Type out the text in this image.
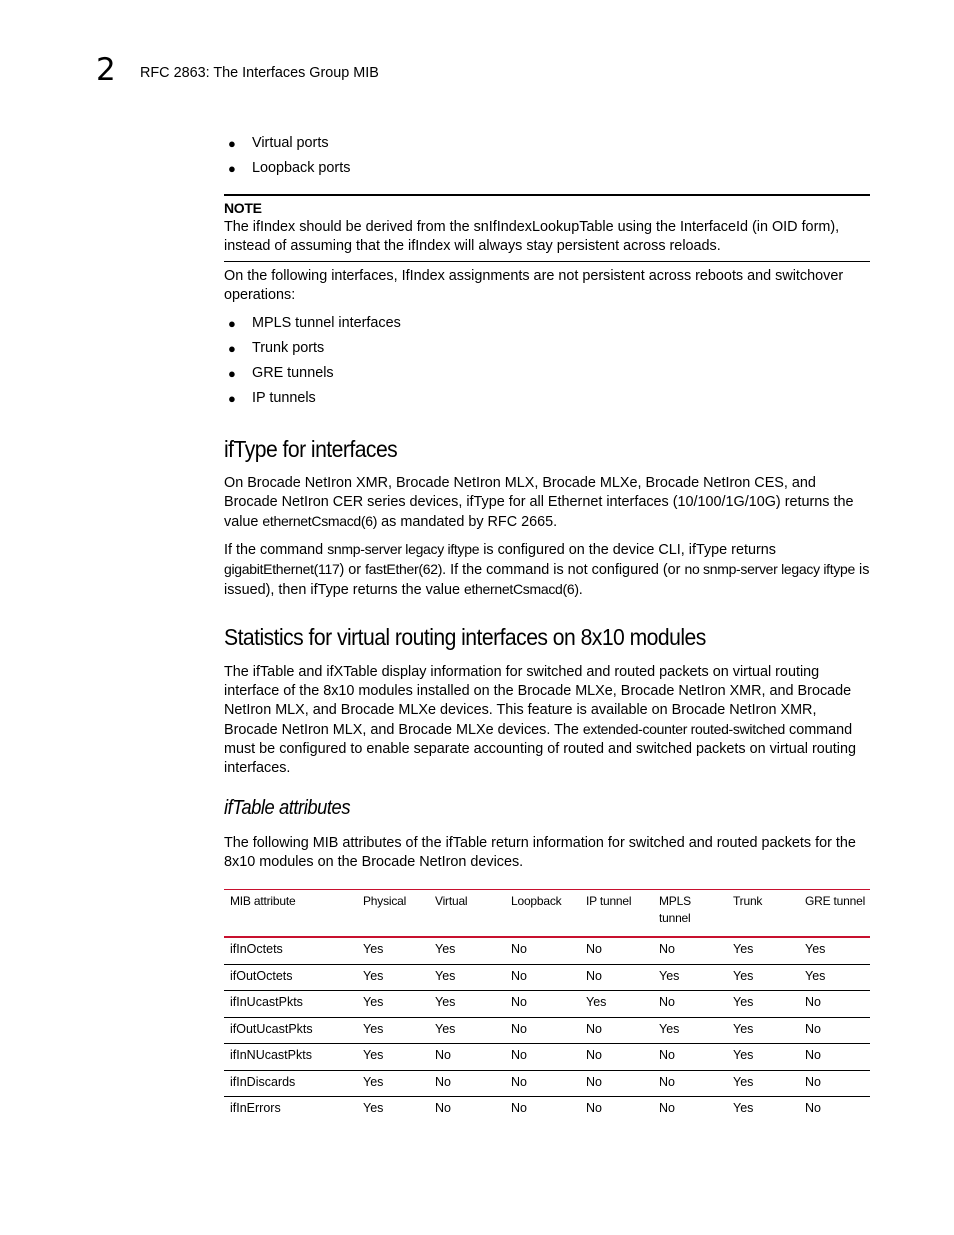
2 RFC 2863: The Interfaces Group MIB
● Virtual ports
● Loopback ports
NOTE

The ifIndex should be derived from the snIfIndexLookupTable using the InterfaceId (in OID form), instead of assuming that the ifIndex will always stay persistent across reloads.

On the following interfaces, IfIndex assignments are not persistent across reboots and switchover operations:

● MPLS tunnel interfaces
● Trunk ports
● GRE tunnels
● IP tunnels
ifType for interfaces

On Brocade NetIron XMR, Brocade NetIron MLX, Brocade MLXe, Brocade NetIron CES, and Brocade NetIron CER series devices, ifType for all Ethernet interfaces (10/100/1G/10G) returns the value ethernetCsmacd(6) as mandated by RFC 2665.

If the command snmp-server legacy iftype is configured on the device CLI, ifType returns gigabitEthernet(117) or fastEther(62). If the command is not configured (or no snmp-server legacy iftype is issued), then ifType returns the value ethernetCsmacd(6).

Statistics for virtual routing interfaces on 8x10 modules

The ifTable and ifXTable display information for switched and routed packets on virtual routing interface of the 8x10 modules installed on the Brocade MLXe, Brocade NetIron XMR, and Brocade NetIron MLX, and Brocade MLXe devices. This feature is available on Brocade NetIron XMR, Brocade NetIron MLX, and Brocade MLXe devices. The extended-counter routed-switched command must be configured to enable separate accounting of routed and switched packets on virtual routing interfaces.

ifTable attributes

The following MIB attributes of the ifTable return information for switched and routed packets for the 8x10 modules on the Brocade NetIron devices.

MIB attribute	Physical	Virtual	Loopback	IP tunnel	MPLS tunnel	Trunk	GRE tunnel
ifInOctets	Yes	Yes	No	No	No	Yes	Yes
ifOutOctets	Yes	Yes	No	No	Yes	Yes	Yes
ifInUcastPkts	Yes	Yes	No	Yes	No	Yes	No
ifOutUcastPkts	Yes	Yes	No	No	Yes	Yes	No
ifInNUcastPkts	Yes	No	No	No	No	Yes	No
ifInDiscards	Yes	No	No	No	No	Yes	No
ifInErrors	Yes	No	No	No	No	Yes	No
